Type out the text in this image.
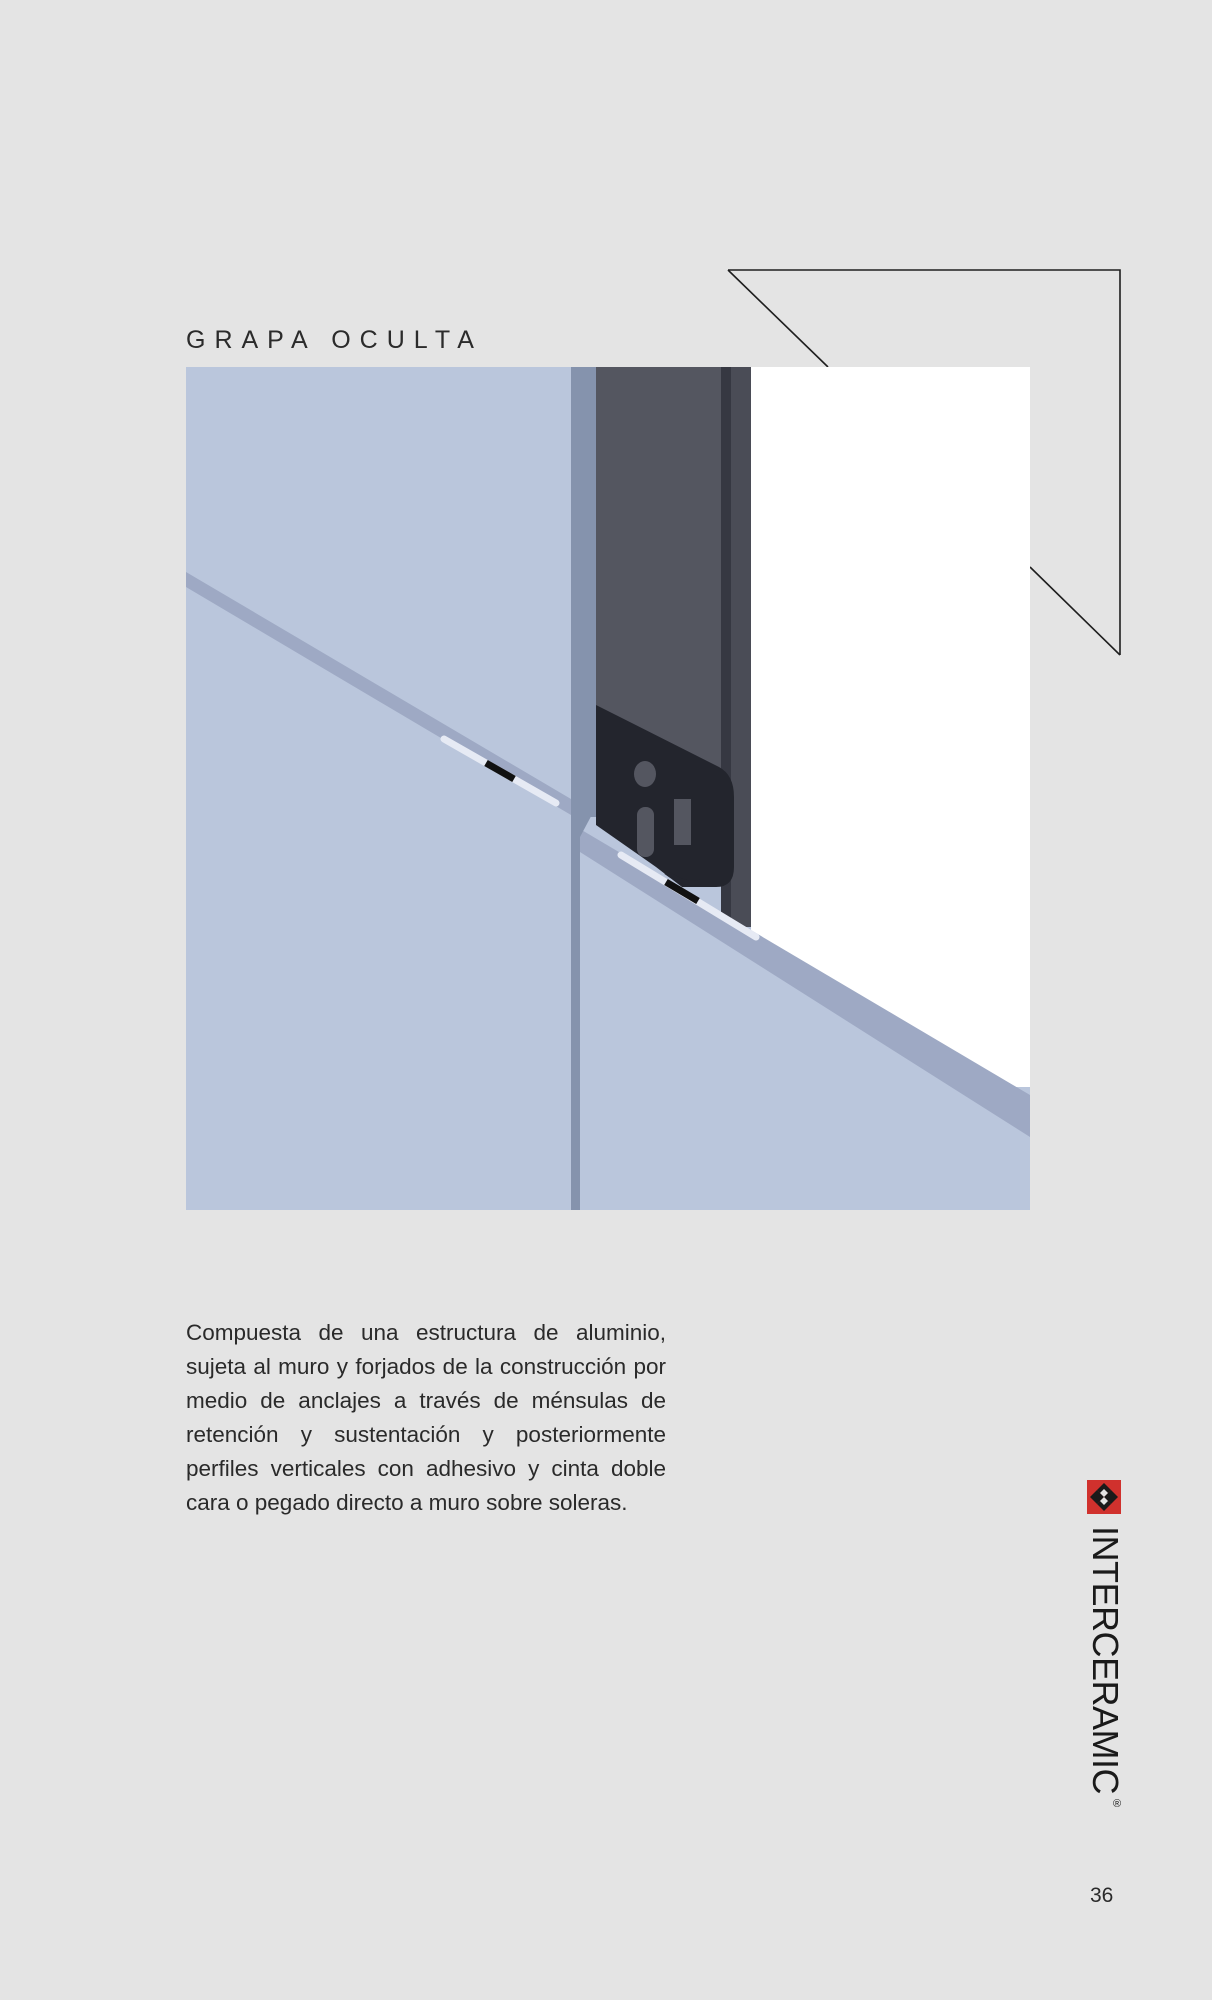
GRAPA OCULTA
Compuesta de una estructura de aluminio, sujeta al muro y forjados de la construcción por medio de anclajes a través de ménsulas de retención y sustentación y posteriormente perfiles verticales con adhesivo y cinta doble cara o pegado directo a muro sobre soleras.
INTERCERAMIC
®
36
